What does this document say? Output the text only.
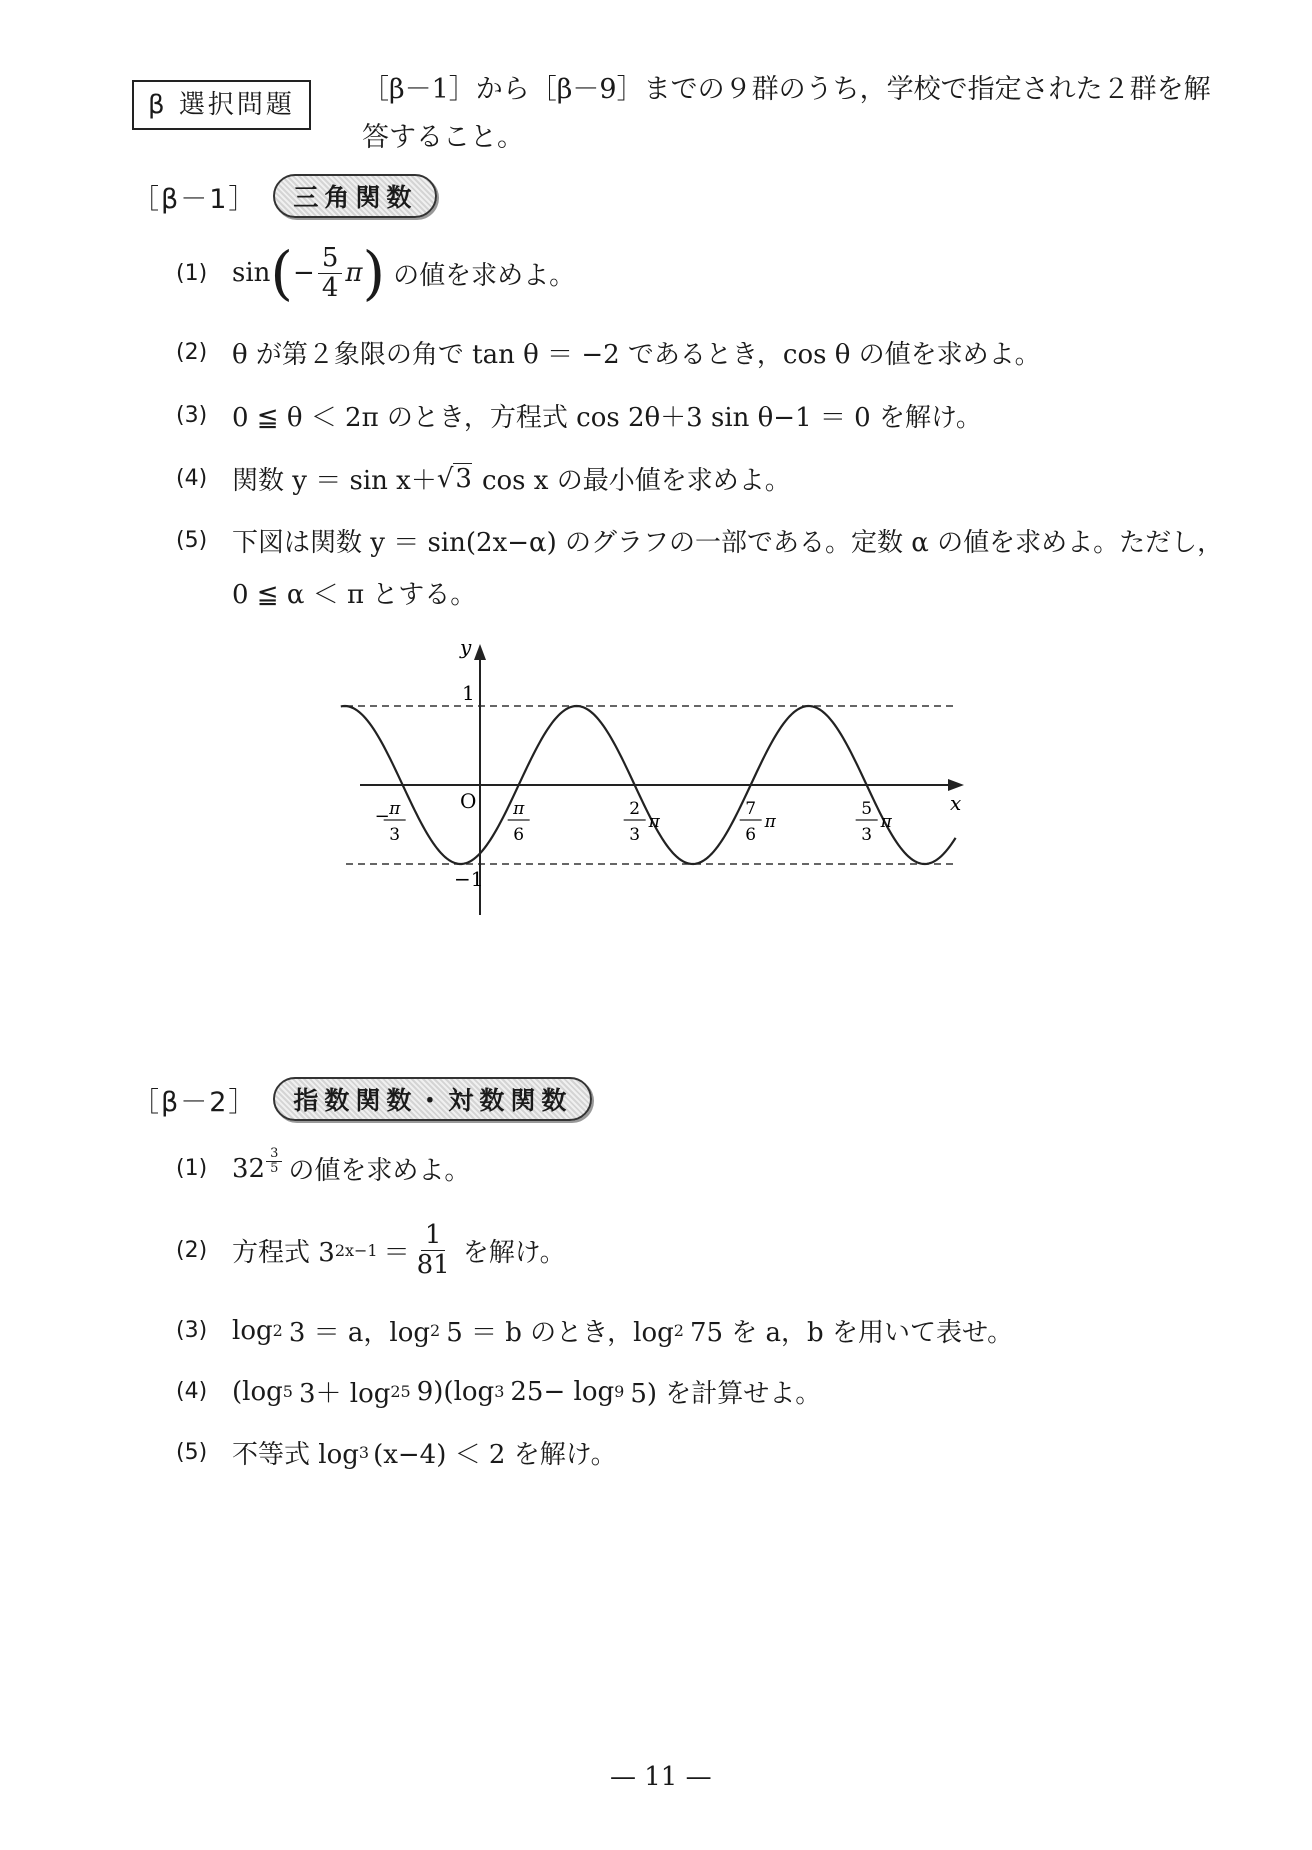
β 選択問題	［β－1］から［β－9］までの９群のうち，学校で指定された２群を解
答すること。
［β－1］	三角関数
(1) sin ( − $\frac{5}{4}$ π ) の値を求めよ。
(2) θ が第２象限の角で tan θ ＝ −2 であるとき，cos θ の値を求めよ。
(3) 0 ≦ θ ＜ 2π のとき，方程式 cos 2θ＋3 sin θ−1 ＝ 0 を解け。
(4) 関数 y ＝ sin x＋ √ 3 cos x の最小値を求めよ。
(5) 下図は関数 y ＝ sin(2x−α) のグラフの一部である。定数 α の値を求めよ。ただし，
0 ≦ α ＜ π とする。
y
x
O
1
−1
− π
3
π
6
2
3
π
7
6
π
5
3
π
［β－2］	指数関数・対数関数
(1) $32 \frac{3}{5}$ の値を求めよ。
(2) 方程式 3 $2x-1 = \frac{1}{81}$ を解け。
(3) log 2 3 ＝ a，log 2 5 ＝ b のとき，log 2 75 を a，b を用いて表せ。
(4) (log 5 3＋ log 25 9)(log 3 25− log 9 5) を計算せよ。
(5) 不等式 log 3 (x−4) ＜ 2 を解け。
— 11 —
